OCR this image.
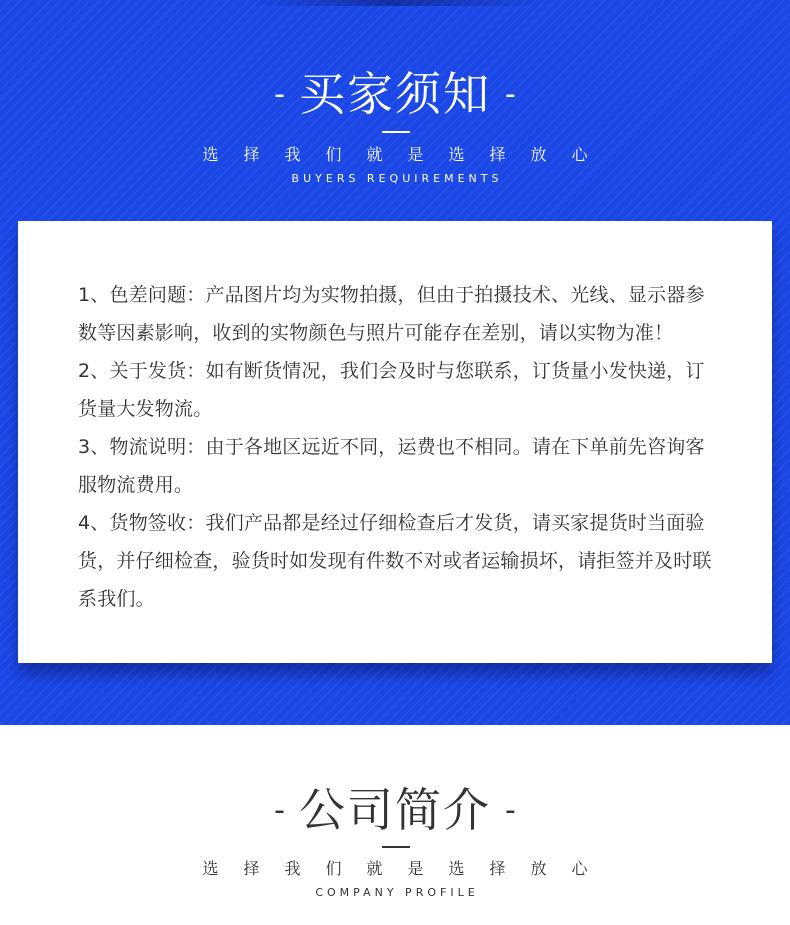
- 买家须知 -
选择我们就是选择放心
BUYERS REQUIREMENTS
1、色差问题：产品图片均为实物拍摄，但由于拍摄技术、光线、显示器参数等因素影响，收到的实物颜色与照片可能存在差别，请以实物为准！
2、关于发货：如有断货情况，我们会及时与您联系，订货量小发快递，订货量大发物流。
3、物流说明：由于各地区远近不同，运费也不相同。请在下单前先咨询客服物流费用。
4、货物签收：我们产品都是经过仔细检查后才发货，请买家提货时当面验货，并仔细检查，验货时如发现有件数不对或者运输损坏，请拒签并及时联系我们。
- 公司简介 -
选择我们就是选择放心
COMPANY PROFILE
